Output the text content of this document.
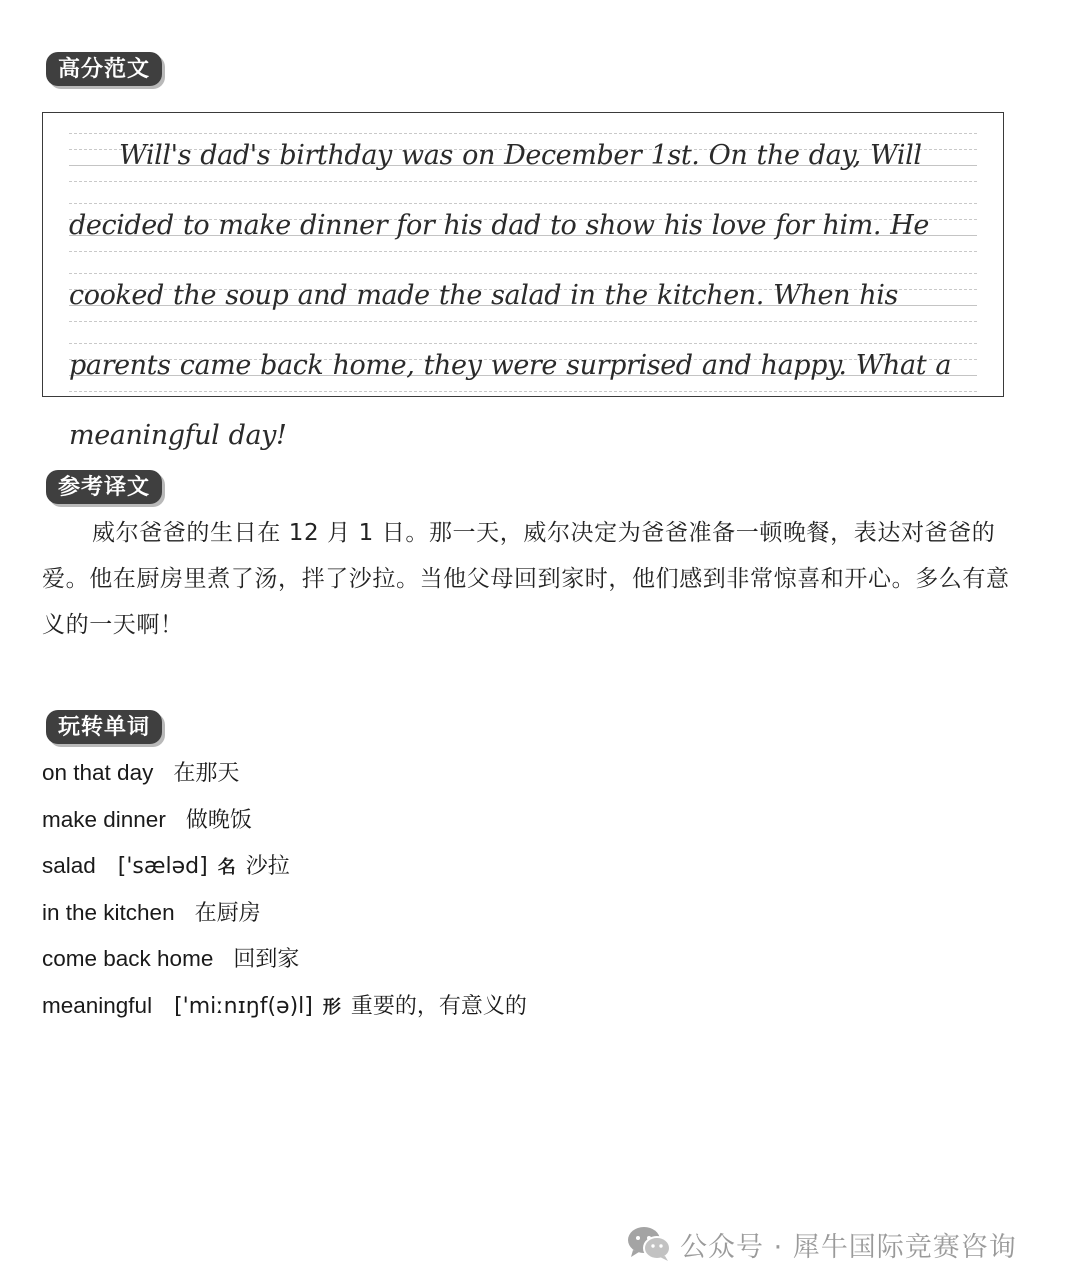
高分范文

Will's dad's birthday was on December 1st. On the day, Will decided to make dinner for his dad to show his love for him. He cooked the soup and made the salad in the kitchen. When his parents came back home, they were surprised and happy. What a meaningful day!

参考译文

威尔爸爸的生日在 12 月 1 日。那一天，威尔决定为爸爸准备一顿晚餐，表达对爸爸的爱。他在厨房里煮了汤，拌了沙拉。当他父母回到家时，他们感到非常惊喜和开心。多么有意义的一天啊！

玩转单词
on that day 在那天
make dinner 做晚饭
salad ['sæləd] 名 沙拉
in the kitchen 在厨房
come back home 回到家
meaningful ['miːnɪŋf(ə)l] 形 重要的，有意义的
公众号 · 犀牛国际竞赛咨询
